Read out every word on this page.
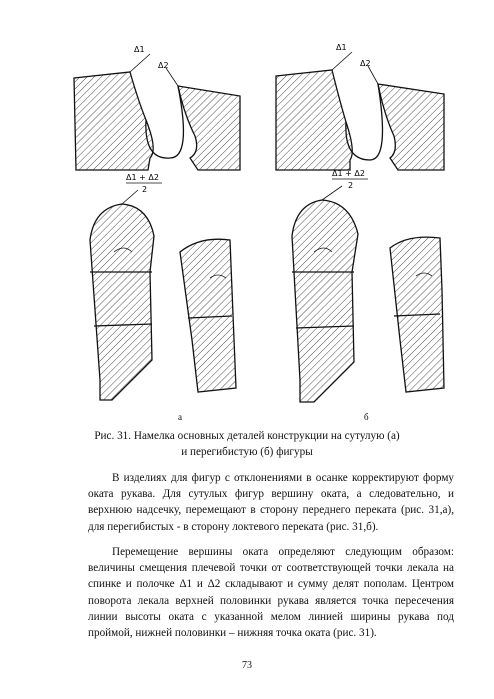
Δ1
Δ2
Δ1
Δ2
Δ1 + Δ2
2
Δ1 + Δ2
2
а	б
Рис. 31. Намелка основных деталей конструкции на сутулую (а)
и перегибистую (б) фигуры

В изделиях для фигур с отклонениями в осанке корректируют форму оката рукава. Для сутулых фигур вершину оката, а следовательно, и верхнюю надсечку, перемещают в сторону переднего переката (рис. 31,а), для перегибистых - в сторону локтевого переката (рис. 31,б).

Перемещение вершины оката определяют следующим образом: величины смещения плечевой точки от соответствующей точки лекала на спинке и полочке Δ1 и Δ2 складывают и сумму делят пополам. Центром поворота лекала верхней половинки рукава является точка пересечения линии высоты оката с указанной мелом линией ширины рукава под проймой, нижней половинки – нижняя точка оката (рис. 31).

73
